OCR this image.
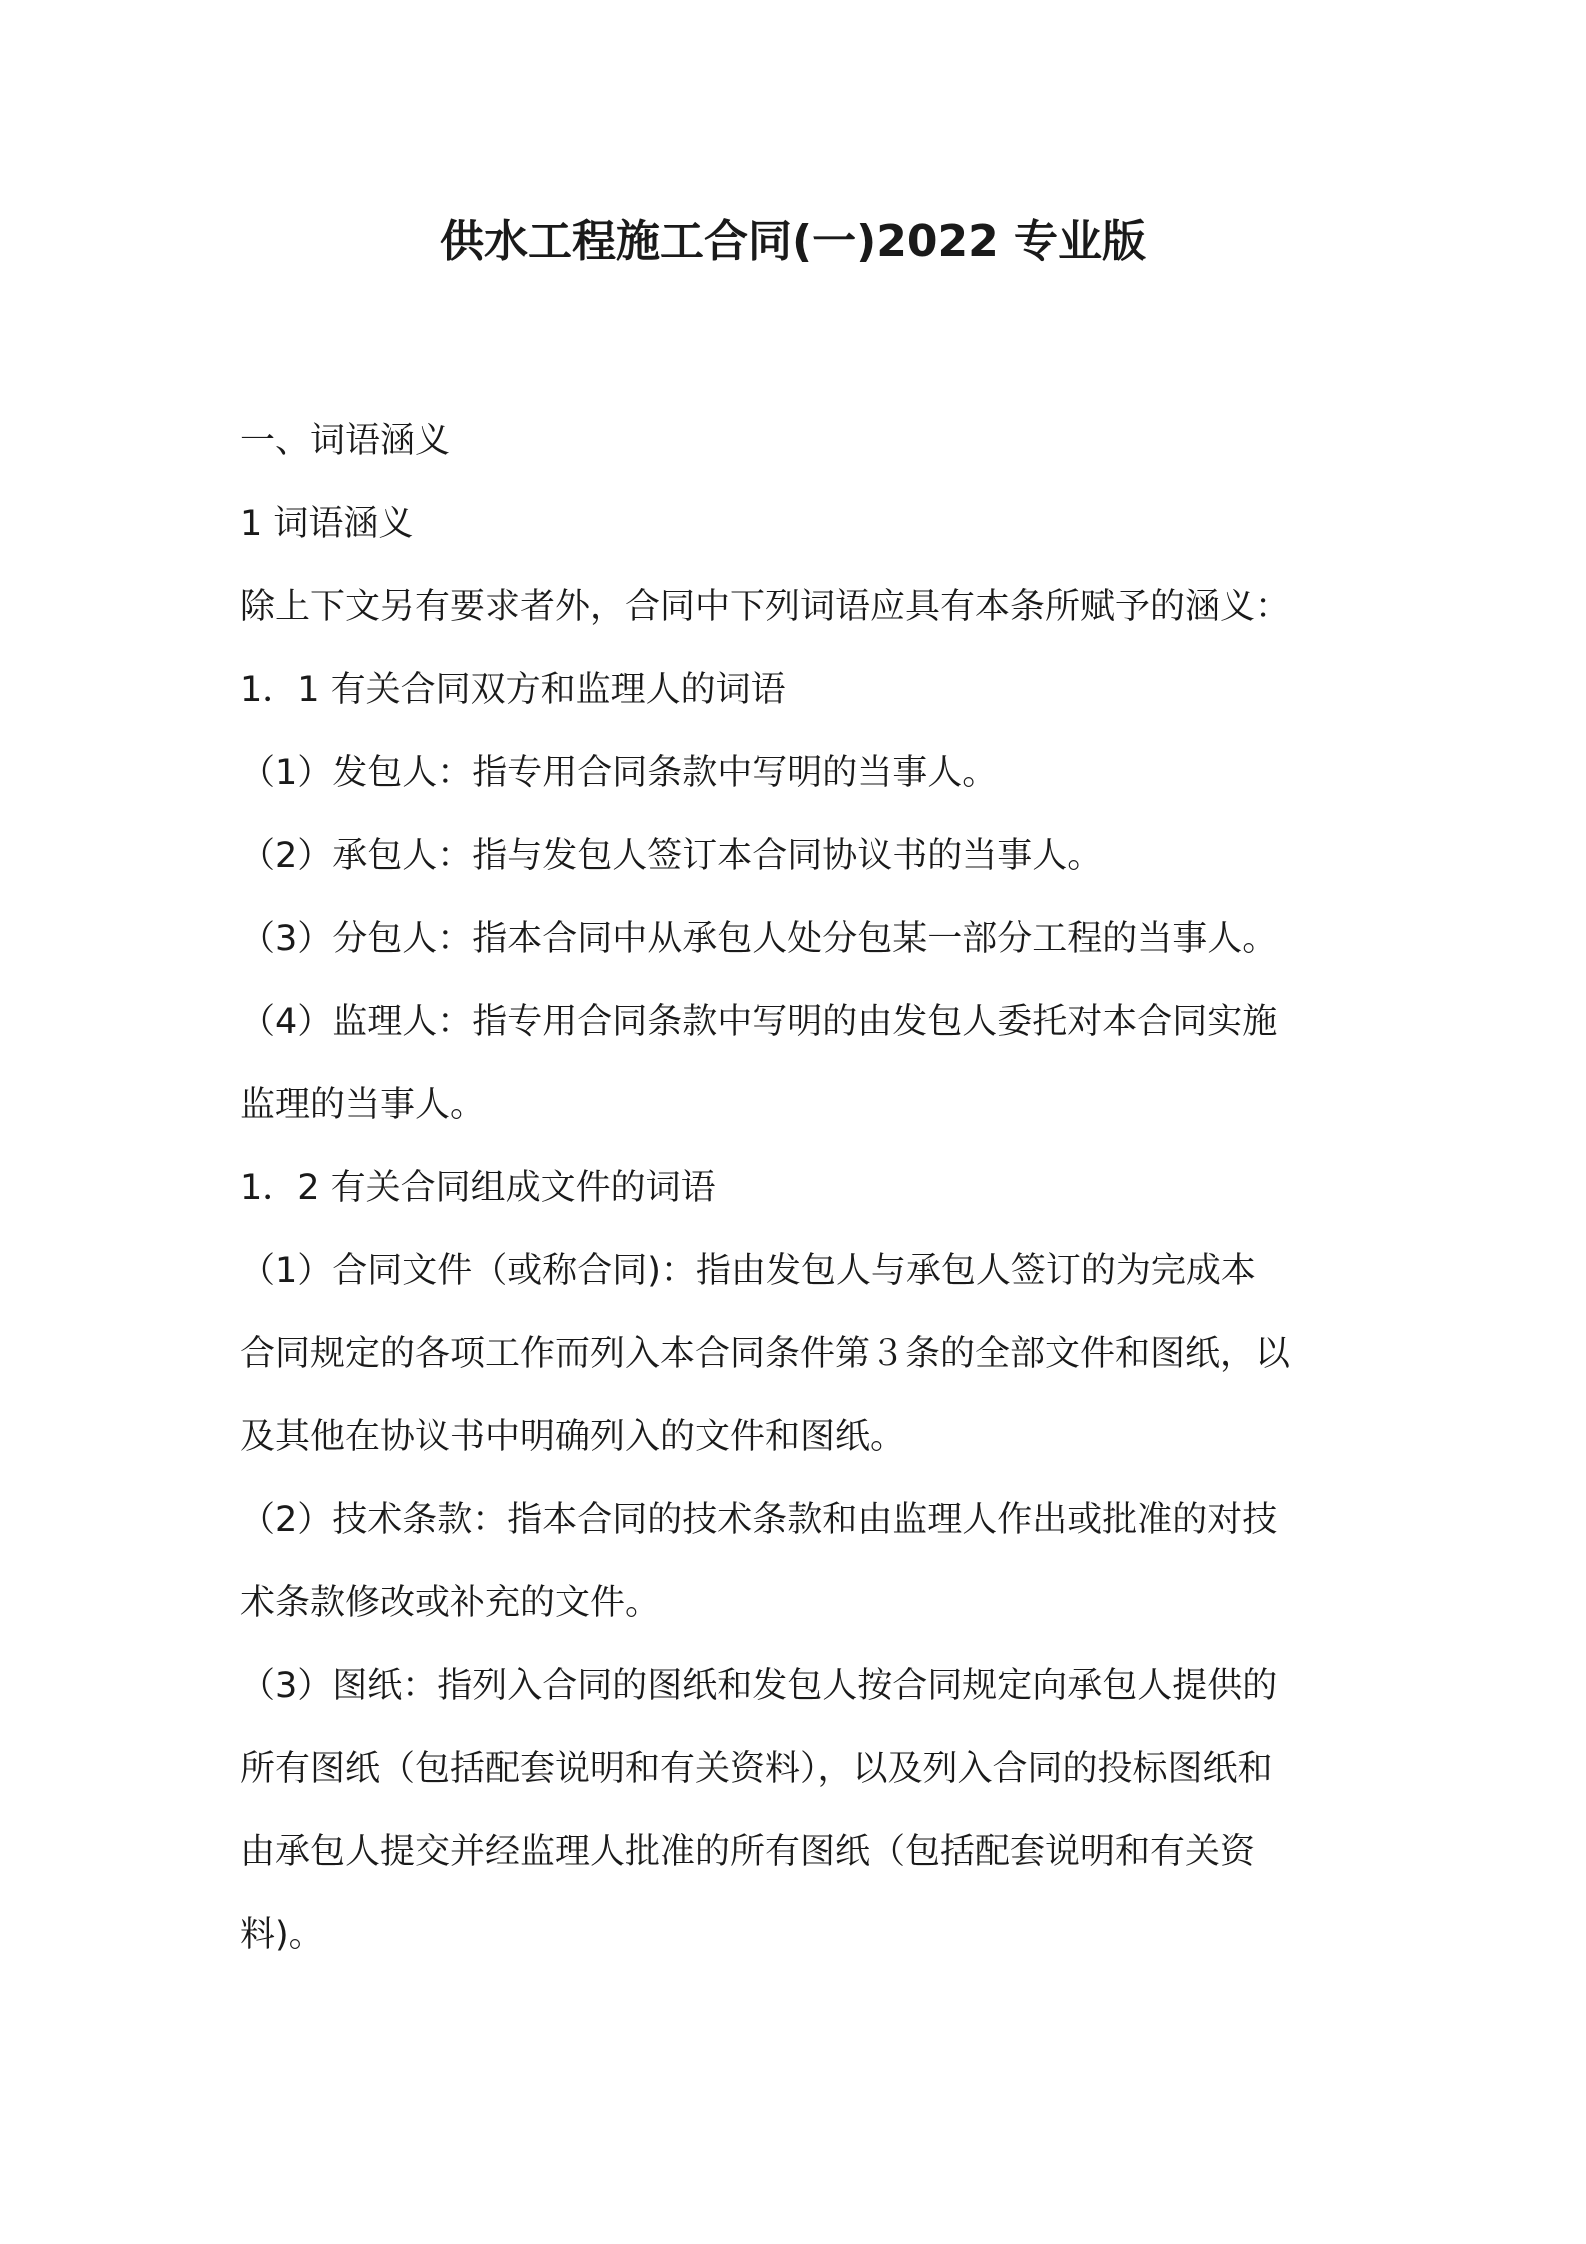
供水工程施工合同(一)2022 专业版

一、词语涵义

1 词语涵义

除上下文另有要求者外，合同中下列词语应具有本条所赋予的涵义：

1．1 有关合同双方和监理人的词语

（1）发包人：指专用合同条款中写明的当事人。

（2）承包人：指与发包人签订本合同协议书的当事人。

（3）分包人：指本合同中从承包人处分包某一部分工程的当事人。

（4）监理人：指专用合同条款中写明的由发包人委托对本合同实施

监理的当事人。

1．2 有关合同组成文件的词语

（1）合同文件（或称合同)：指由发包人与承包人签订的为完成本

合同规定的各项工作而列入本合同条件第３条的全部文件和图纸，以

及其他在协议书中明确列入的文件和图纸。

（2）技术条款：指本合同的技术条款和由监理人作出或批准的对技

术条款修改或补充的文件。

（3）图纸：指列入合同的图纸和发包人按合同规定向承包人提供的

所有图纸（包括配套说明和有关资料），以及列入合同的投标图纸和

由承包人提交并经监理人批准的所有图纸（包括配套说明和有关资

料)。
